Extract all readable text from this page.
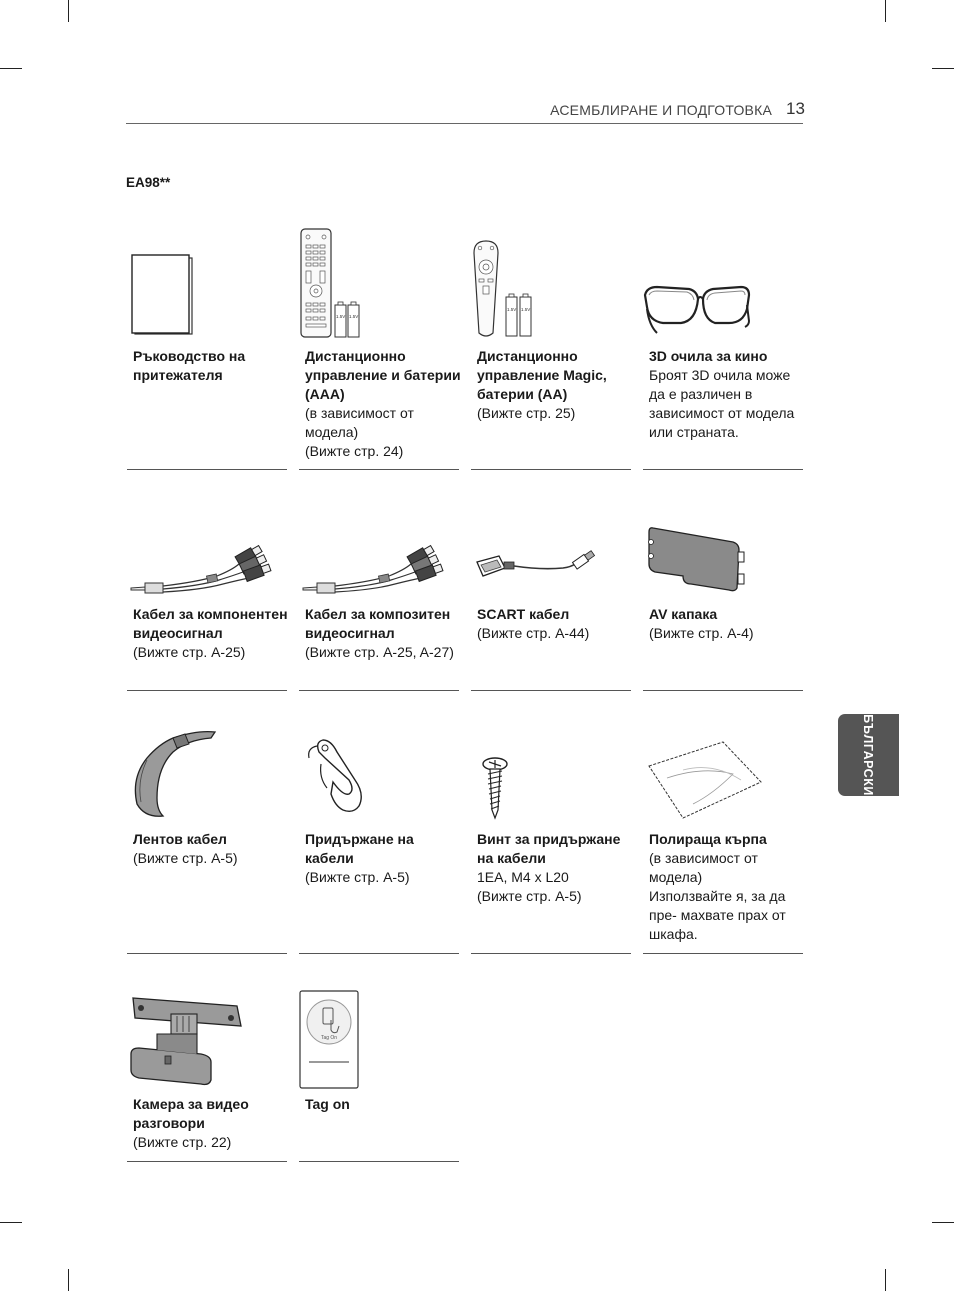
АСЕМБЛИРАНЕ И ПОДГОТОВКА 13
EA98**
БЪЛГАРСКИ
Ръководство на притежателя
1.5V 1.5V
Дистанционно управление и батерии (AAA)
(в зависимост от модела)
(Вижте стр. 24)
1.5V 1.5V
Дистанционно управление Magic, батерии (AA)
(Вижте стр. 25)
3D очила за кино
Броят 3D очила може да е различен в зависимост от модела или страната.
Кабел за компонентен видеосигнал
(Вижте стр. A-25)
Кабел за композитен видеосигнал
(Вижте стр. A-25, A-27)
SCART кабел
(Вижте стр. A-44)
AV капака
(Вижте стр. A-4)
Лентов кабел
(Вижте стр. A-5)
Придържане на кабели
(Вижте стр. A-5)
Винт за придържане на кабели
1EA, M4 x L20
(Вижте стр. A-5)
Полираща кърпа
(в зависимост от модела)
Използвайте я, за да пре- махвате прах от шкафа.
Камера за видео разговори
(Вижте стр. 22)
Tag On
Tag on
